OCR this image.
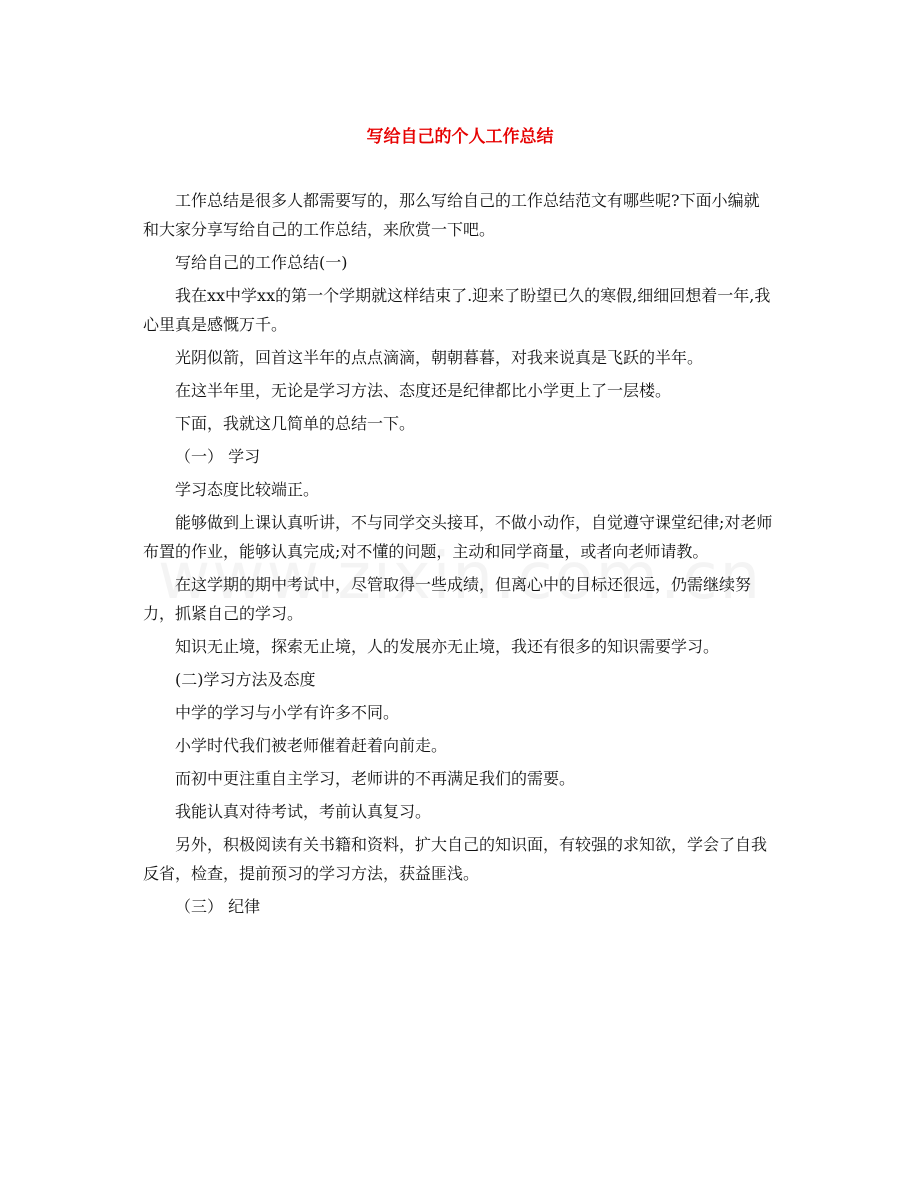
写给自己的个人工作总结

工作总结是很多人都需要写的，那么写给自己的工作总结范文有哪些呢?下面小编就和大家分享写给自己的工作总结，来欣赏一下吧。

写给自己的工作总结(一)

我在xx中学xx的第一个学期就这样结束了.迎来了盼望已久的寒假,细细回想着一年,我心里真是感慨万千。

光阴似箭，回首这半年的点点滴滴，朝朝暮暮，对我来说真是飞跃的半年。

在这半年里，无论是学习方法、态度还是纪律都比小学更上了一层楼。

下面，我就这几简单的总结一下。

（一） 学习

学习态度比较端正。

能够做到上课认真听讲，不与同学交头接耳，不做小动作，自觉遵守课堂纪律;对老师布置的作业，能够认真完成;对不懂的问题，主动和同学商量，或者向老师请教。

在这学期的期中考试中，尽管取得一些成绩，但离心中的目标还很远，仍需继续努力，抓紧自己的学习。

知识无止境，探索无止境，人的发展亦无止境，我还有很多的知识需要学习。

(二)学习方法及态度

中学的学习与小学有许多不同。

小学时代我们被老师催着赶着向前走。

而初中更注重自主学习，老师讲的不再满足我们的需要。

我能认真对待考试，考前认真复习。

另外，积极阅读有关书籍和资料，扩大自己的知识面，有较强的求知欲，学会了自我反省，检查，提前预习的学习方法，获益匪浅。

（三） 纪律
